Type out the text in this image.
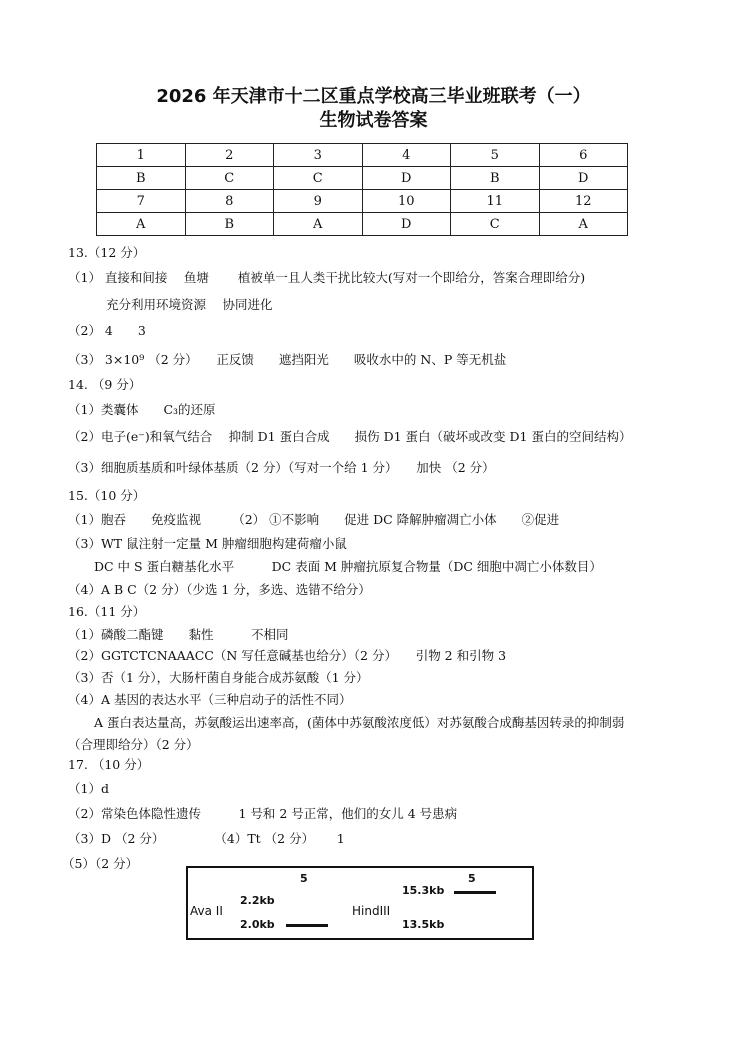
2026 年天津市十二区重点学校高三毕业班联考（一）
生物试卷答案
1	2	3	4	5	6
B	C	C	D	B	D
7	8	9	10	11	12
A	B	A	D	C	A
13.（12 分）
（1） 直接和间接　 鱼塘　　 植被单一且人类干扰比较大(写对一个即给分，答案合理即给分)
充分利用环境资源　 协同进化
（2） 4　　3
（3） 3×10⁹ （2 分）　　正反馈　　遮挡阳光　　吸收水中的 N、P 等无机盐
14. （9 分）
（1）类囊体　　C₃的还原
（2）电子(e⁻)和氧气结合　 抑制 D1 蛋白合成　　损伤 D1 蛋白（破坏或改变 D1 蛋白的空间结构）
（3）细胞质基质和叶绿体基质（2 分）（写对一个给 1 分）　　加快 （2 分）
15.（10 分）
（1）胞吞　　免疫监视　　　（2） ①不影响　　促进 DC 降解肿瘤凋亡小体　　②促进
（3）WT 鼠注射一定量 M 肿瘤细胞构建荷瘤小鼠
DC 中 S 蛋白糖基化水平　　　DC 表面 M 肿瘤抗原复合物量（DC 细胞中凋亡小体数目）
（4）A B C（2 分）（少选 1 分，多选、选错不给分）
16.（11 分）
（1）磷酸二酯键　　黏性　　　不相同
（2）GGTCTCNAAACC（N 写任意碱基也给分）（2 分）　　引物 2 和引物 3
（3）否（1 分），大肠杆菌自身能合成苏氨酸（1 分）
（4）A 基因的表达水平（三种启动子的活性不同）
A 蛋白表达量高，苏氨酸运出速率高，(菌体中苏氨酸浓度低）对苏氨酸合成酶基因转录的抑制弱
（合理即给分）（2 分）
17. （10 分）
（1）d
（2）常染色体隐性遗传　　　1 号和 2 号正常，他们的女儿 4 号患病
（3）D （2 分）　　　　　（4）Tt （2 分）　　 1
（5）（2 分）
5	5
Ava II	HindIII
2.2kb
2.0kb
15.3kb
13.5kb
